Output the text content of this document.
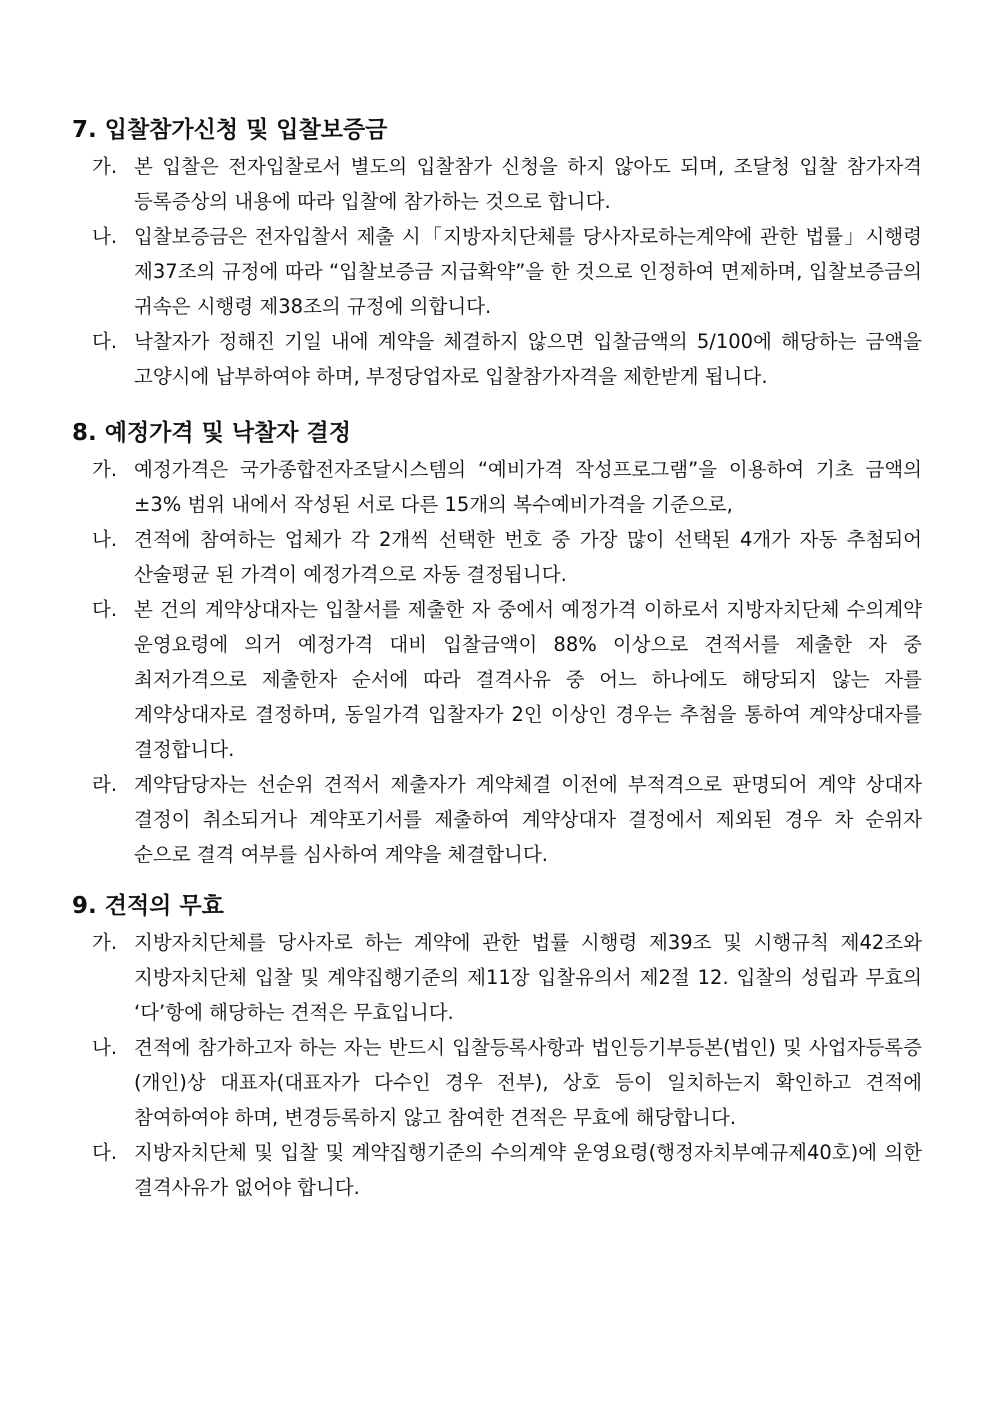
7. 입찰참가신청 및 입찰보증금
가. 본 입찰은 전자입찰로서 별도의 입찰참가 신청을 하지 않아도 되며, 조달청 입찰 참가자격 등록증상의 내용에 따라 입찰에 참가하는 것으로 합니다.
나. 입찰보증금은 전자입찰서 제출 시「지방자치단체를 당사자로하는계약에 관한 법률」시행령 제37조의 규정에 따라 “입찰보증금 지급확약”을 한 것으로 인정하여 면제하며, 입찰보증금의 귀속은 시행령 제38조의 규정에 의합니다.
다. 낙찰자가 정해진 기일 내에 계약을 체결하지 않으면 입찰금액의 5/100에 해당하는 금액을 고양시에 납부하여야 하며, 부정당업자로 입찰참가자격을 제한받게 됩니다.
8. 예정가격 및 낙찰자 결정
가. 예정가격은 국가종합전자조달시스템의 “예비가격 작성프로그램”을 이용하여 기초 금액의 ±3% 범위 내에서 작성된 서로 다른 15개의 복수예비가격을 기준으로,
나. 견적에 참여하는 업체가 각 2개씩 선택한 번호 중 가장 많이 선택된 4개가 자동 추첨되어 산술평균 된 가격이 예정가격으로 자동 결정됩니다.
다. 본 건의 계약상대자는 입찰서를 제출한 자 중에서 예정가격 이하로서 지방자치단체 수의계약 운영요령에 의거 예정가격 대비 입찰금액이 88% 이상으로 견적서를 제출한 자 중 최저가격으로 제출한자 순서에 따라 결격사유 중 어느 하나에도 해당되지 않는 자를 계약상대자로 결정하며, 동일가격 입찰자가 2인 이상인 경우는 추첨을 통하여 계약상대자를 결정합니다.
라. 계약담당자는 선순위 견적서 제출자가 계약체결 이전에 부적격으로 판명되어 계약 상대자 결정이 취소되거나 계약포기서를 제출하여 계약상대자 결정에서 제외된 경우 차 순위자 순으로 결격 여부를 심사하여 계약을 체결합니다.
9. 견적의 무효
가. 지방자치단체를 당사자로 하는 계약에 관한 법률 시행령 제39조 및 시행규칙 제42조와 지방자치단체 입찰 및 계약집행기준의 제11장 입찰유의서 제2절 12. 입찰의 성립과 무효의 ‘다’항에 해당하는 견적은 무효입니다.
나. 견적에 참가하고자 하는 자는 반드시 입찰등록사항과 법인등기부등본(법인) 및 사업자등록증(개인)상 대표자(대표자가 다수인 경우 전부), 상호 등이 일치하는지 확인하고 견적에 참여하여야 하며, 변경등록하지 않고 참여한 견적은 무효에 해당합니다.
다. 지방자치단체 및 입찰 및 계약집행기준의 수의계약 운영요령(행정자치부예규제40호)에 의한 결격사유가 없어야 합니다.
